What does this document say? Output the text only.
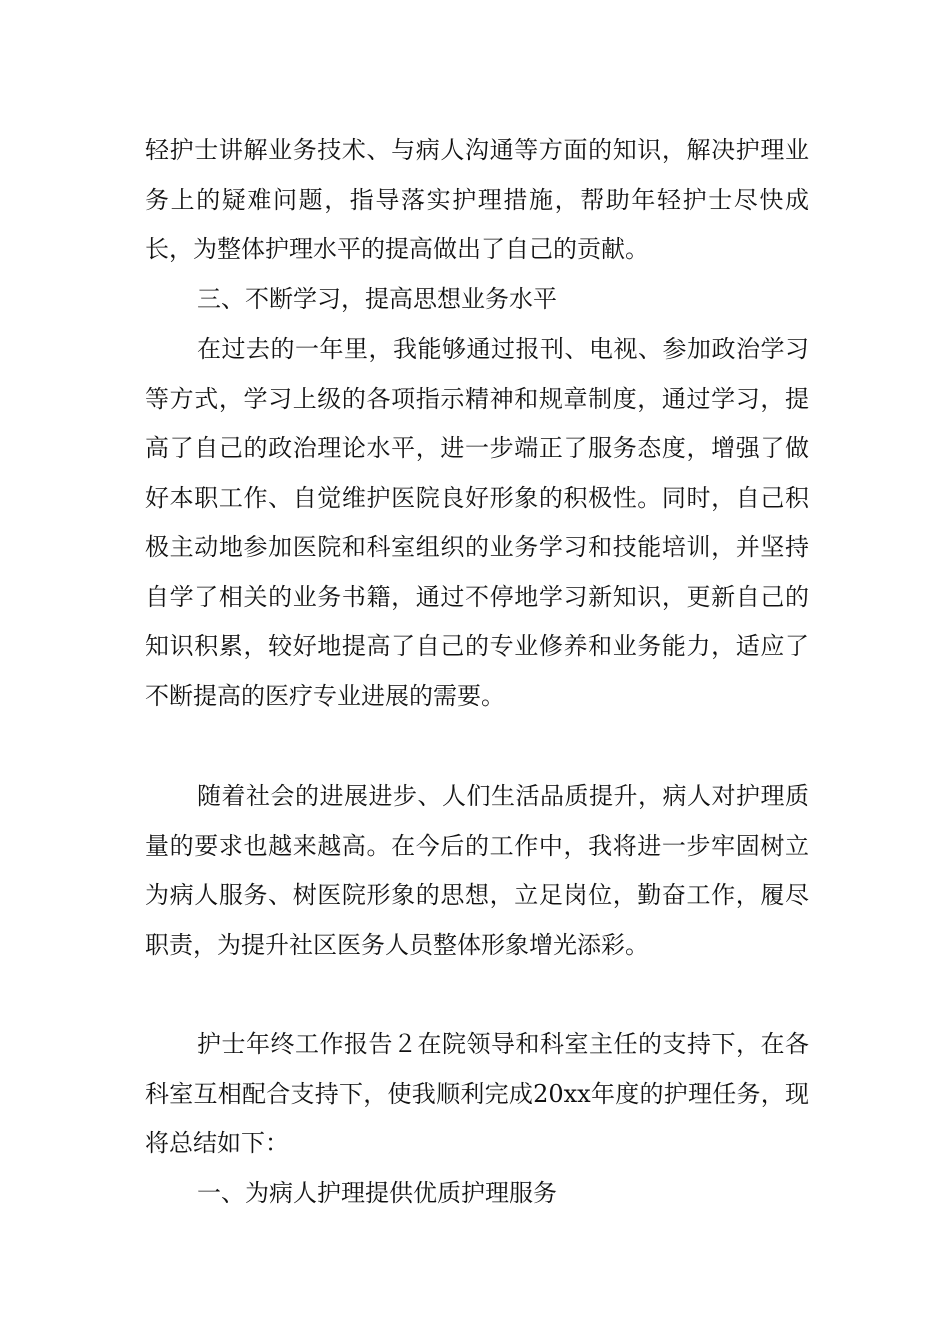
轻护士讲解业务技术、与病人沟通等方面的知识，解决护理业务上的疑难问题，指导落实护理措施，帮助年轻护士尽快成长，为整体护理水平的提高做出了自己的贡献。

三、不断学习，提高思想业务水平

在过去的一年里，我能够通过报刊、电视、参加政治学习等方式，学习上级的各项指示精神和规章制度，通过学习，提高了自己的政治理论水平，进一步端正了服务态度，增强了做好本职工作、自觉维护医院良好形象的积极性。同时，自己积极主动地参加医院和科室组织的业务学习和技能培训，并坚持自学了相关的业务书籍，通过不停地学习新知识，更新自己的知识积累，较好地提高了自己的专业修养和业务能力，适应了不断提高的医疗专业进展的需要。

随着社会的进展进步、人们生活品质提升，病人对护理质量的要求也越来越高。在今后的工作中，我将进一步牢固树立为病人服务、树医院形象的思想，立足岗位，勤奋工作，履尽职责，为提升社区医务人员整体形象增光添彩。

护士年终工作报告２在院领导和科室主任的支持下，在各科室互相配合支持下，使我顺利完成20xx年度的护理任务，现将总结如下：

一、为病人护理提供优质护理服务
